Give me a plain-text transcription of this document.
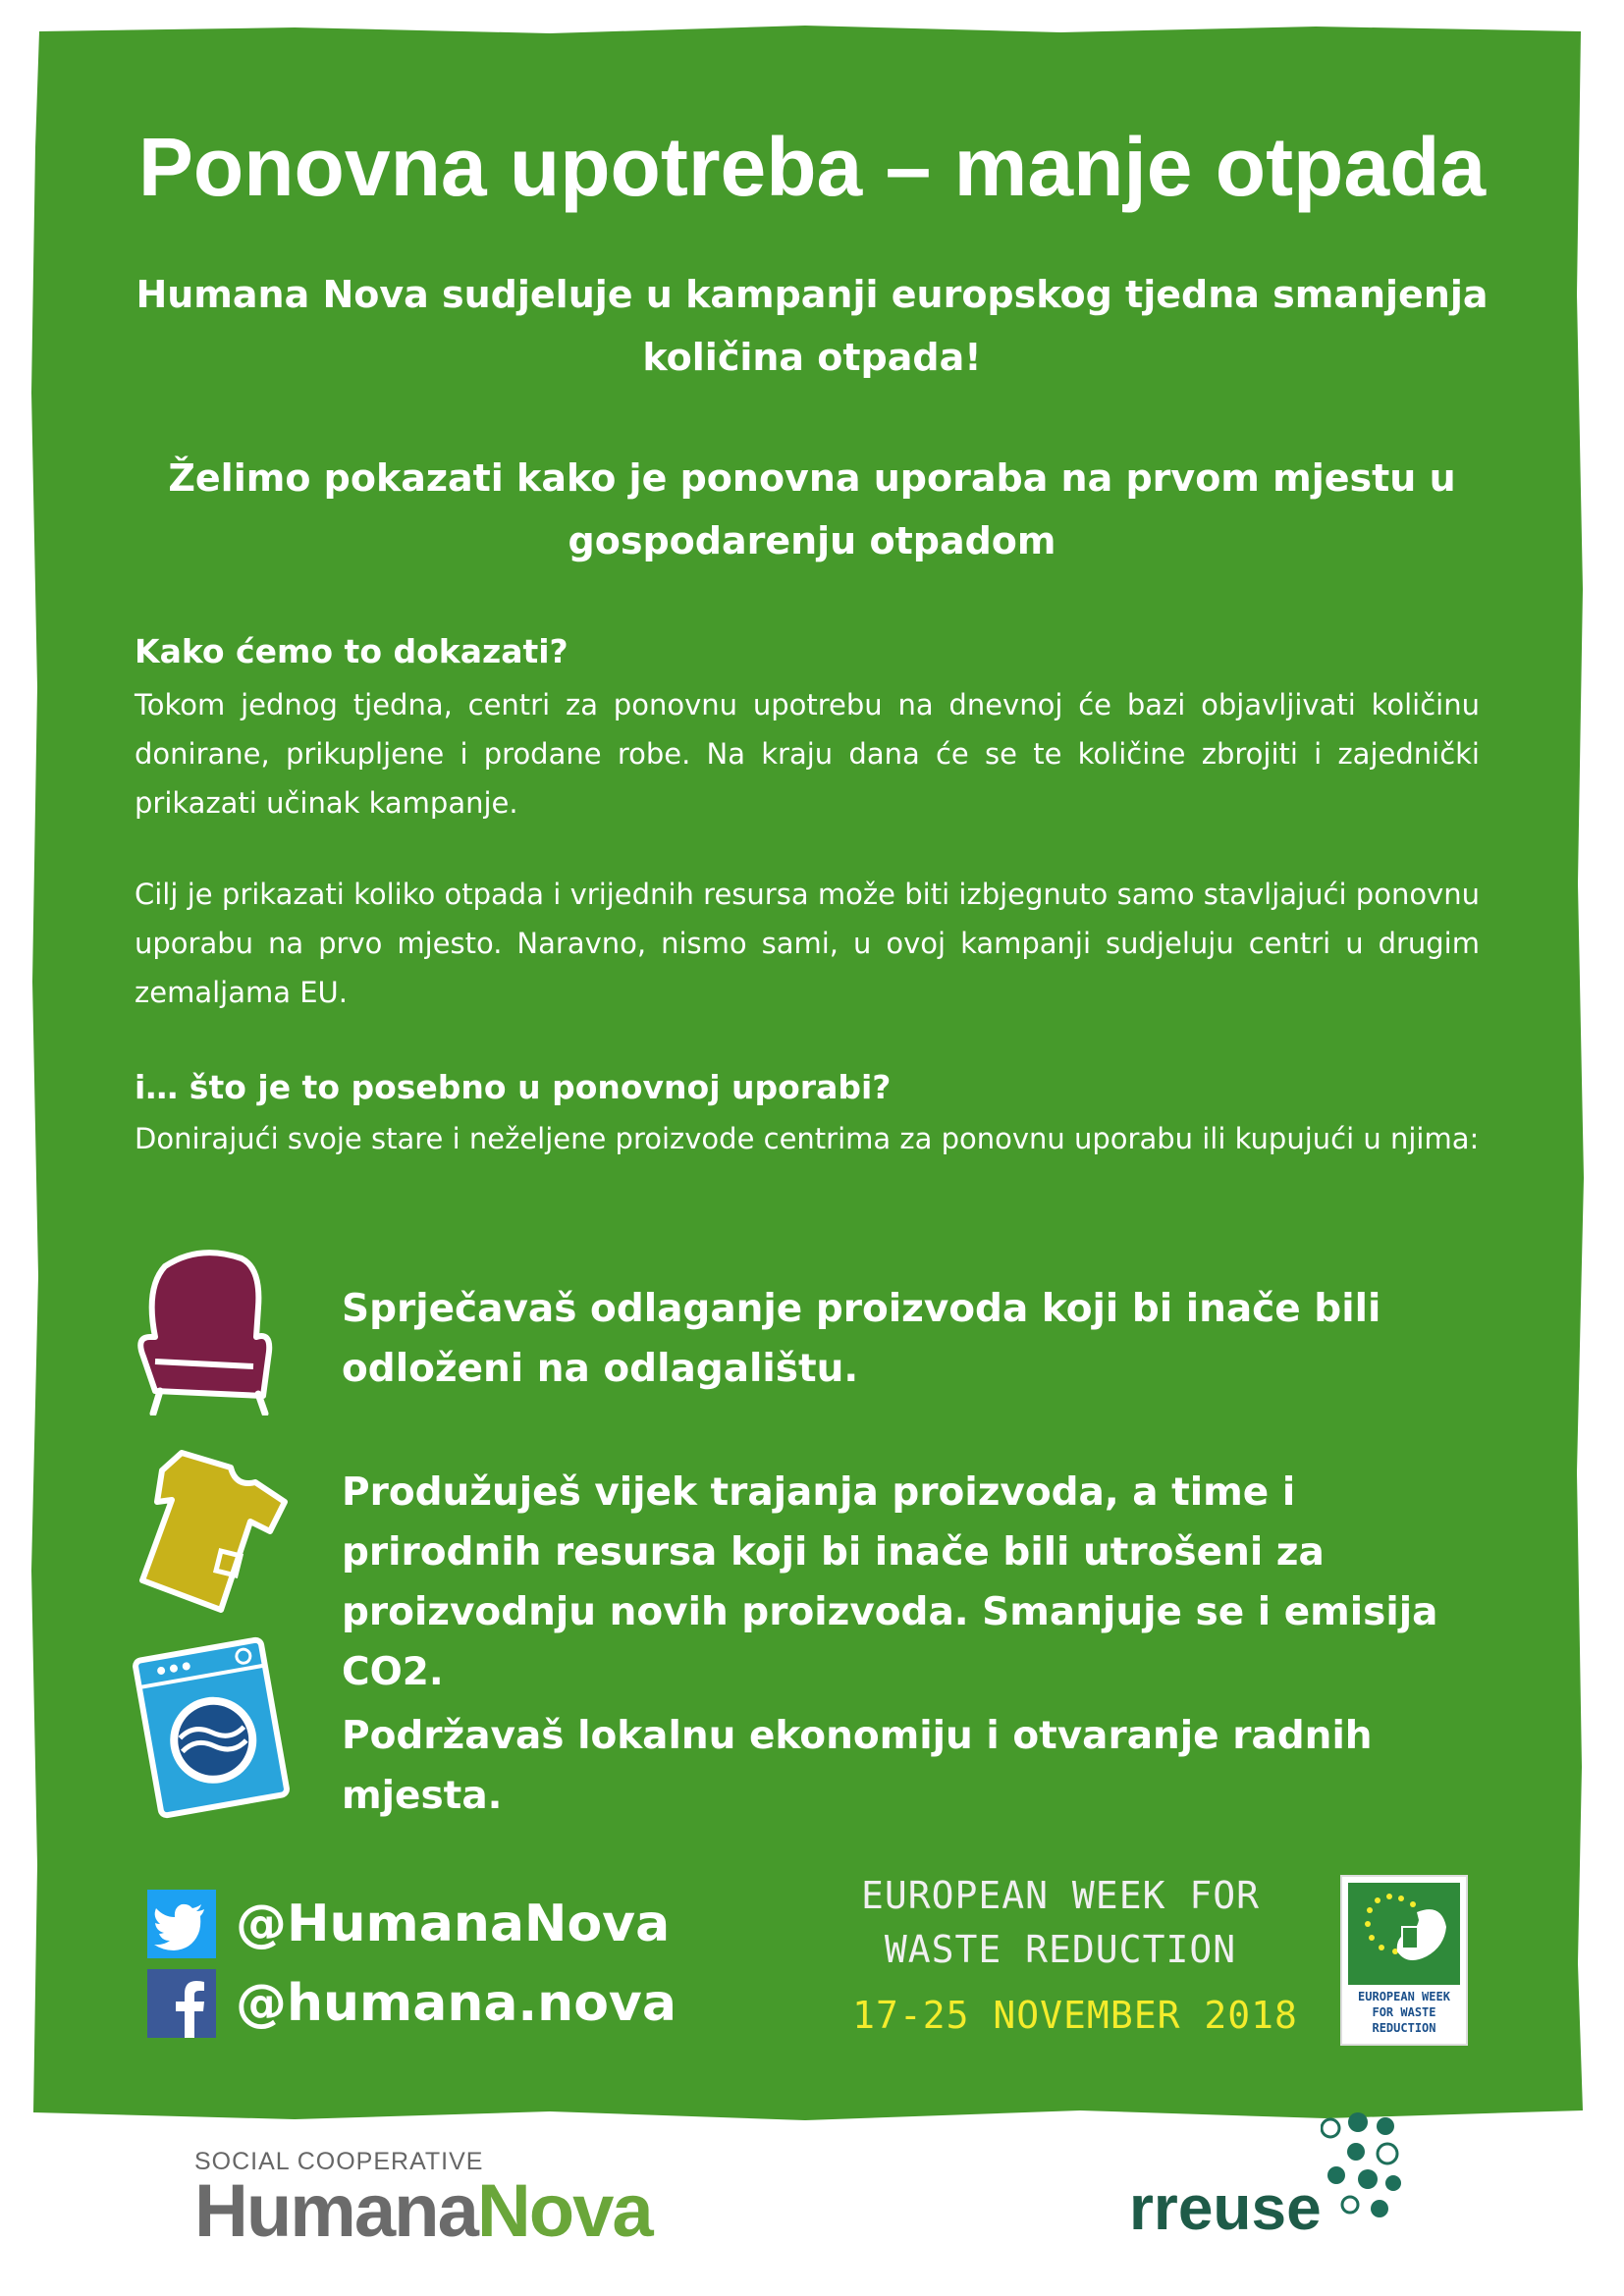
Ponovna upotreba – manje otpada

Humana Nova sudjeluje u kampanji europskog tjedna smanjenja

količina otpada!

Želimo pokazati kako je ponovna uporaba na prvom mjestu u

gospodarenju otpadom

Kako ćemo to dokazati?

Tokom jednog tjedna, centri za ponovnu upotrebu na dnevnoj će bazi objavljivati količinu donirane, prikupljene i prodane robe. Na kraju dana će se te količine zbrojiti i zajednički prikazati učinak kampanje.

Cilj je prikazati koliko otpada i vrijednih resursa može biti izbjegnuto samo stavljajući ponovnu uporabu na prvo mjesto. Naravno, nismo sami, u ovoj kampanji sudjeluju centri u drugim zemaljama EU.

i… što je to posebno u ponovnoj uporabi?

Donirajući svoje stare i neželjene proizvode centrima za ponovnu uporabu ili kupujući u njima:

Sprječavaš odlaganje proizvoda koji bi inače bili odloženi na odlagalištu.

Produžuješ vijek trajanja proizvoda, a time i prirodnih resursa koji bi inače bili utrošeni za proizvodnju novih proizvoda. Smanjuje se i emisija CO2.

Podržavaš lokalnu ekonomiju i otvaranje radnih mjesta.

@HumanaNova
@humana.nova
EUROPEAN WEEK FOR
WASTE REDUCTION
17-25 NOVEMBER 2018	EUROPEAN WEEK
FOR WASTE
REDUCTION
SOCIAL COOPERATIVE
HumanaNova	rreuse
